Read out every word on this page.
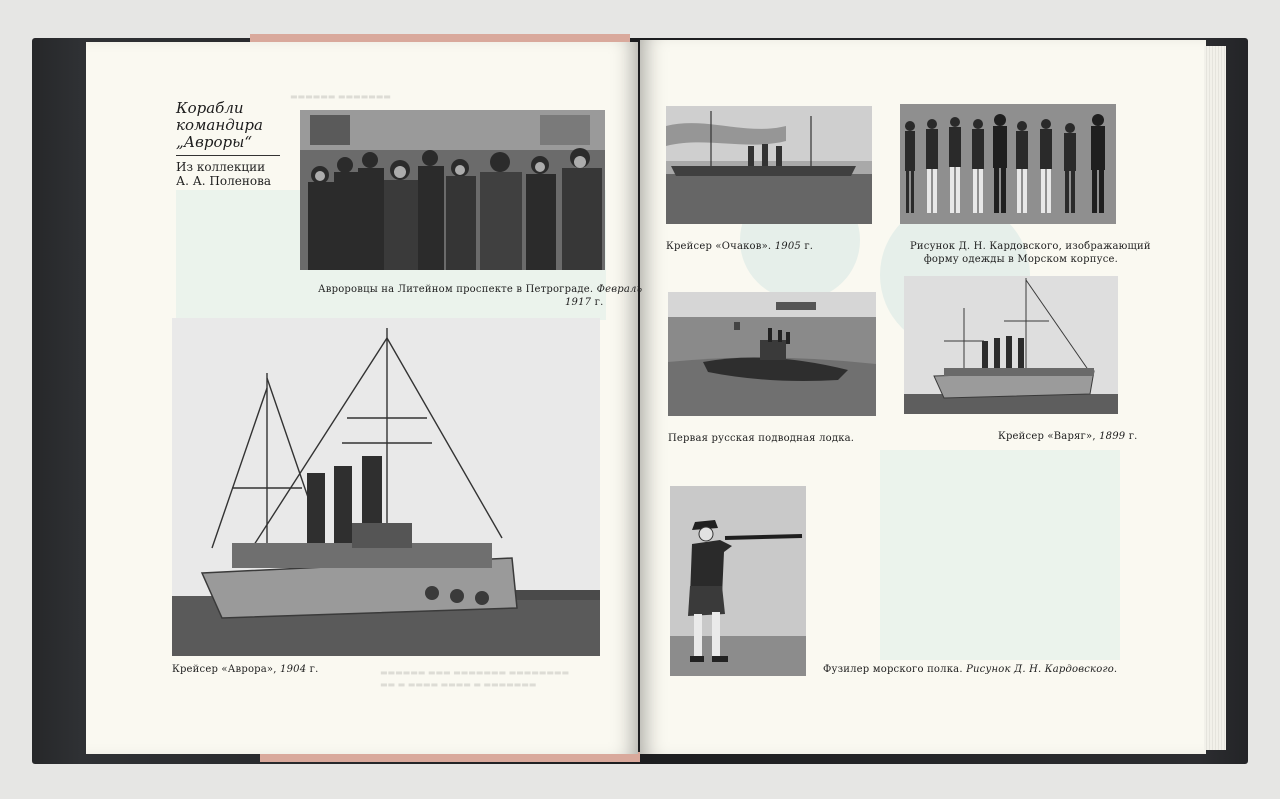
▬▬▬▬▬▬ ▬▬▬▬▬▬▬
▬▬▬▬▬▬ ▬▬▬ ▬▬▬▬▬▬▬ ▬▬▬▬▬▬▬▬
▬▬ ▬ ▬▬▬▬ ▬▬▬▬ ▬ ▬▬▬▬▬▬▬
Корабли
командира
„Авроры“
Из коллекции
А. А. Поленова
Авроровцы на Литейном проспекте в Петрограде. Февраль
1917 г.
Крейсер «Аврора», 1904 г.
Крейсер «Очаков». 1905 г.	Рисунок Д. Н. Кардовского, изображающий
форму одежды в Морском корпусе.
Первая русская подводная лодка.	Крейсер «Варяг», 1899 г.
Фузилер морского полка. Рисунок Д. Н. Кардовского.
